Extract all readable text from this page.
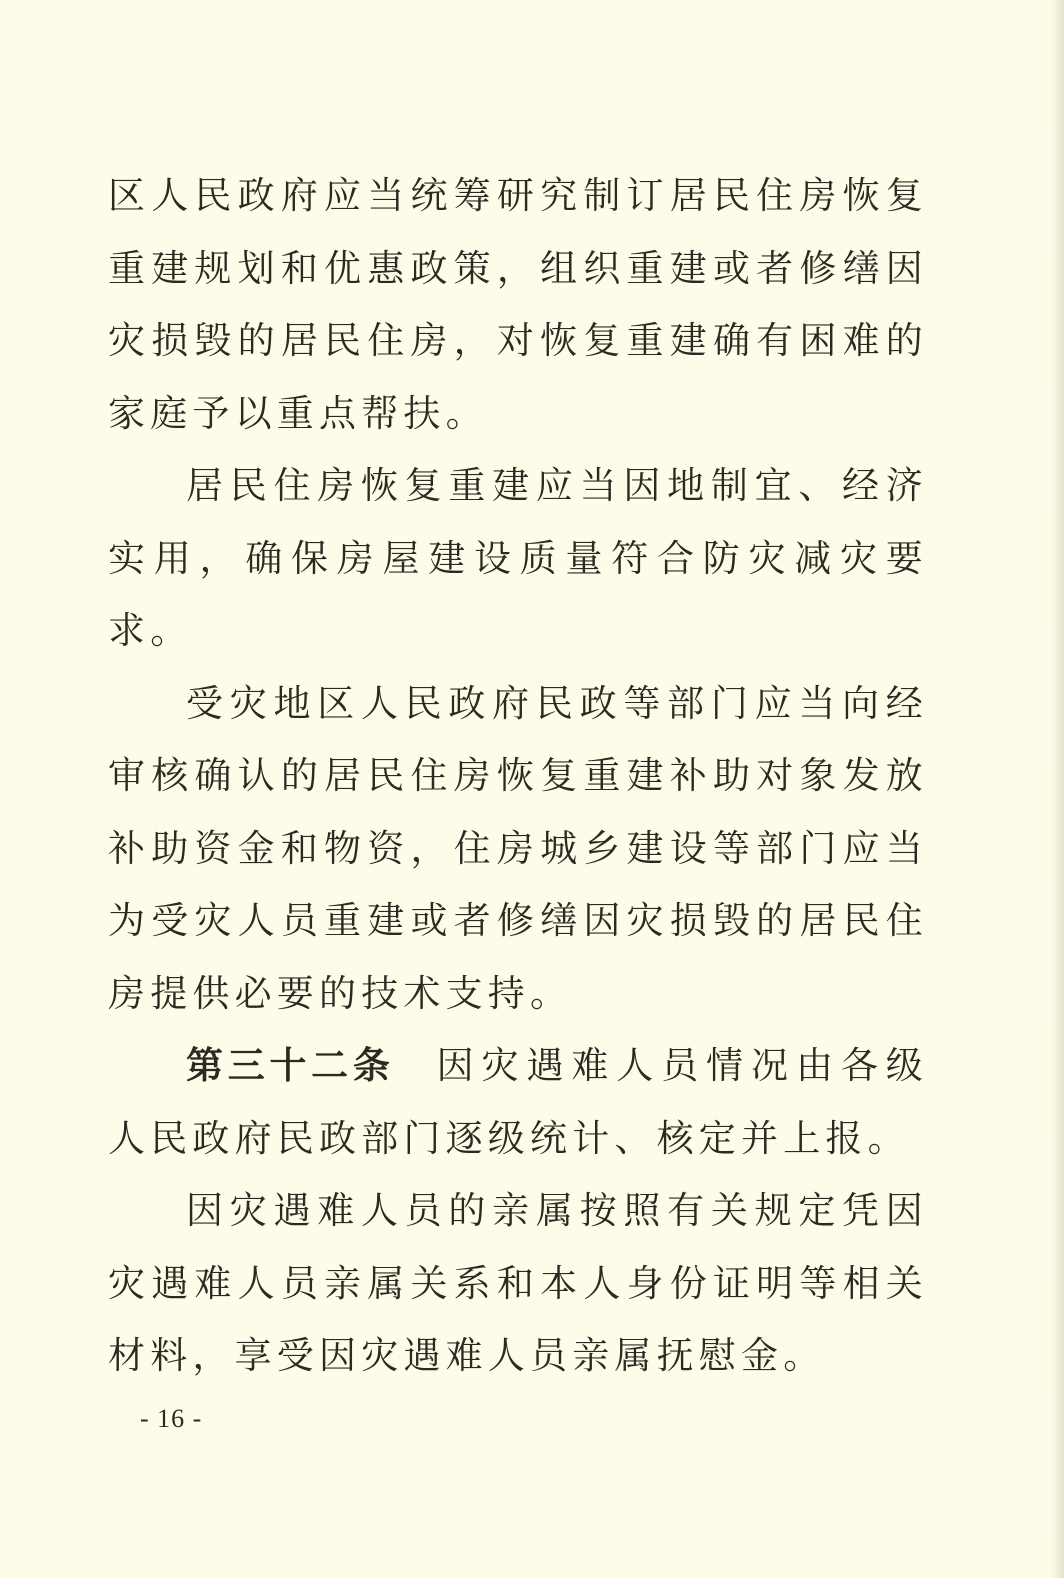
区人民政府应当统筹研究制订居民住房恢复重建规划和优惠政策，组织重建或者修缮因灾损毁的居民住房，对恢复重建确有困难的家庭予以重点帮扶。

居民住房恢复重建应当因地制宜、经济实用，确保房屋建设质量符合防灾减灾要求。

受灾地区人民政府民政等部门应当向经审核确认的居民住房恢复重建补助对象发放补助资金和物资，住房城乡建设等部门应当为受灾人员重建或者修缮因灾损毁的居民住房提供必要的技术支持。

第三十二条 因灾遇难人员情况由各级人民政府民政部门逐级统计、核定并上报。

因灾遇难人员的亲属按照有关规定凭因灾遇难人员亲属关系和本人身份证明等相关材料，享受因灾遇难人员亲属抚慰金。

- 16 -
